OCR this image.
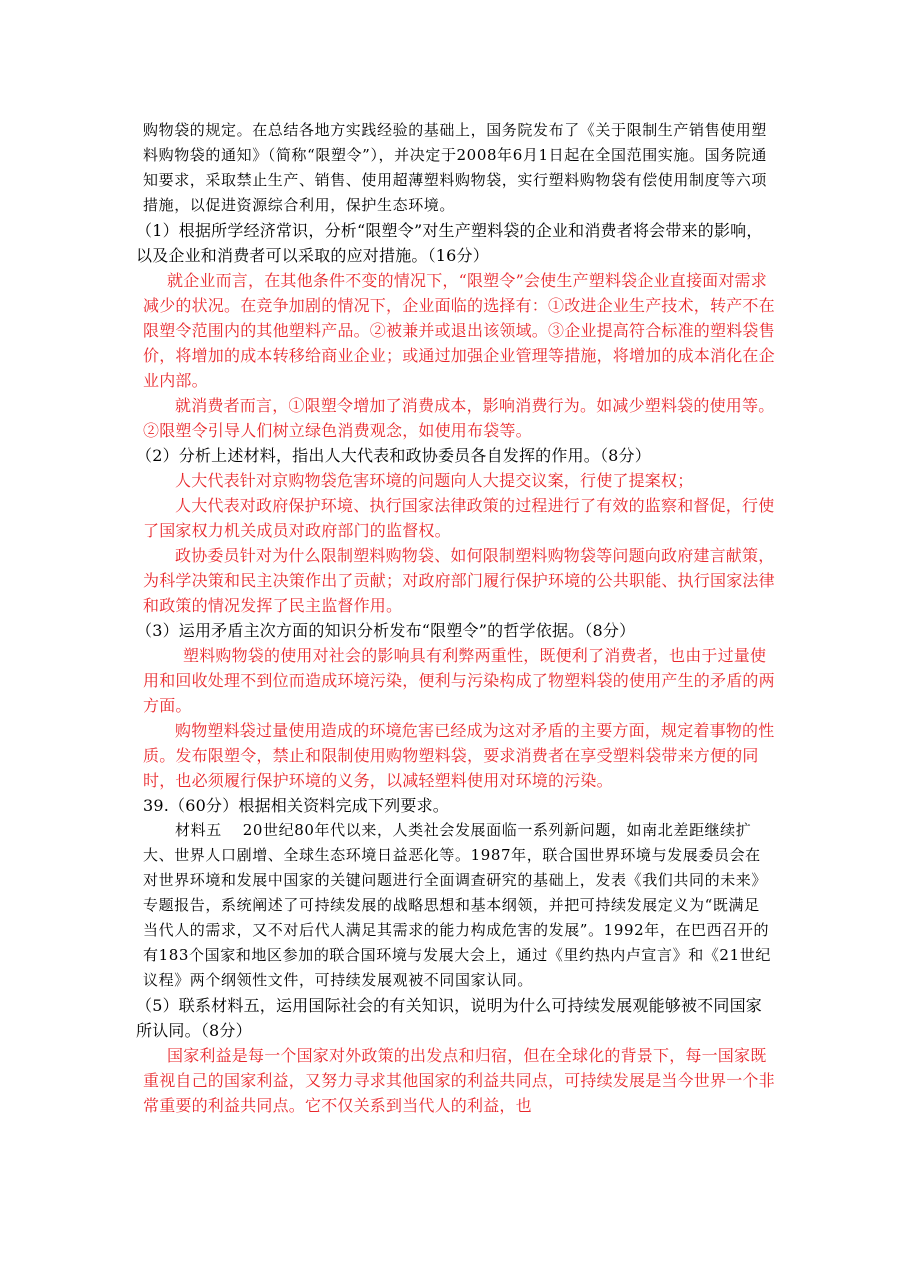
购物袋的规定。在总结各地方实践经验的基础上，国务院发布了《关于限制生产销售使用塑料购物袋的通知》（简称“限塑令”），并决定于2008年6月1日起在全国范围实施。国务院通知要求，采取禁止生产、销售、使用超薄塑料购物袋，实行塑料购物袋有偿使用制度等六项措施，以促进资源综合利用，保护生态环境。

（1）根据所学经济常识，分析“限塑令”对生产塑料袋的企业和消费者将会带来的影响，以及企业和消费者可以采取的应对措施。（16分）

就企业而言，在其他条件不变的情况下，“限塑令”会使生产塑料袋企业直接面对需求减少的状况。在竞争加剧的情况下，企业面临的选择有：①改进企业生产技术，转产不在限塑令范围内的其他塑料产品。②被兼并或退出该领域。③企业提高符合标准的塑料袋售价，将增加的成本转移给商业企业；或通过加强企业管理等措施，将增加的成本消化在企业内部。

就消费者而言，①限塑令增加了消费成本，影响消费行为。如减少塑料袋的使用等。②限塑令引导人们树立绿色消费观念，如使用布袋等。

（2）分析上述材料，指出人大代表和政协委员各自发挥的作用。（8分）

人大代表针对京购物袋危害环境的问题向人大提交议案，行使了提案权；

人大代表对政府保护环境、执行国家法律政策的过程进行了有效的监察和督促，行使了国家权力机关成员对政府部门的监督权。

政协委员针对为什么限制塑料购物袋、如何限制塑料购物袋等问题向政府建言献策，为科学决策和民主决策作出了贡献；对政府部门履行保护环境的公共职能、执行国家法律和政策的情况发挥了民主监督作用。

（3）运用矛盾主次方面的知识分析发布“限塑令”的哲学依据。（8分）

塑料购物袋的使用对社会的影响具有利弊两重性，既便利了消费者，也由于过量使用和回收处理不到位而造成环境污染，便利与污染构成了物塑料袋的使用产生的矛盾的两方面。

购物塑料袋过量使用造成的环境危害已经成为这对矛盾的主要方面，规定着事物的性质。发布限塑令，禁止和限制使用购物塑料袋，要求消费者在享受塑料袋带来方便的同时，也必须履行保护环境的义务，以减轻塑料使用对环境的污染。

39.（60分）根据相关资料完成下列要求。

材料五　 20世纪80年代以来，人类社会发展面临一系列新问题，如南北差距继续扩大、世界人口剧增、全球生态环境日益恶化等。1987年，联合国世界环境与发展委员会在对世界环境和发展中国家的关键问题进行全面调查研究的基础上，发表《我们共同的未来》专题报告，系统阐述了可持续发展的战略思想和基本纲领，并把可持续发展定义为“既满足当代人的需求，又不对后代人满足其需求的能力构成危害的发展”。1992年，在巴西召开的有183个国家和地区参加的联合国环境与发展大会上，通过《里约热内卢宣言》和《21世纪议程》两个纲领性文件，可持续发展观被不同国家认同。

（5）联系材料五，运用国际社会的有关知识，说明为什么可持续发展观能够被不同国家所认同。（8分）

国家利益是每一个国家对外政策的出发点和归宿，但在全球化的背景下，每一国家既重视自己的国家利益，又努力寻求其他国家的利益共同点，可持续发展是当今世界一个非常重要的利益共同点。它不仅关系到当代人的利益，也
